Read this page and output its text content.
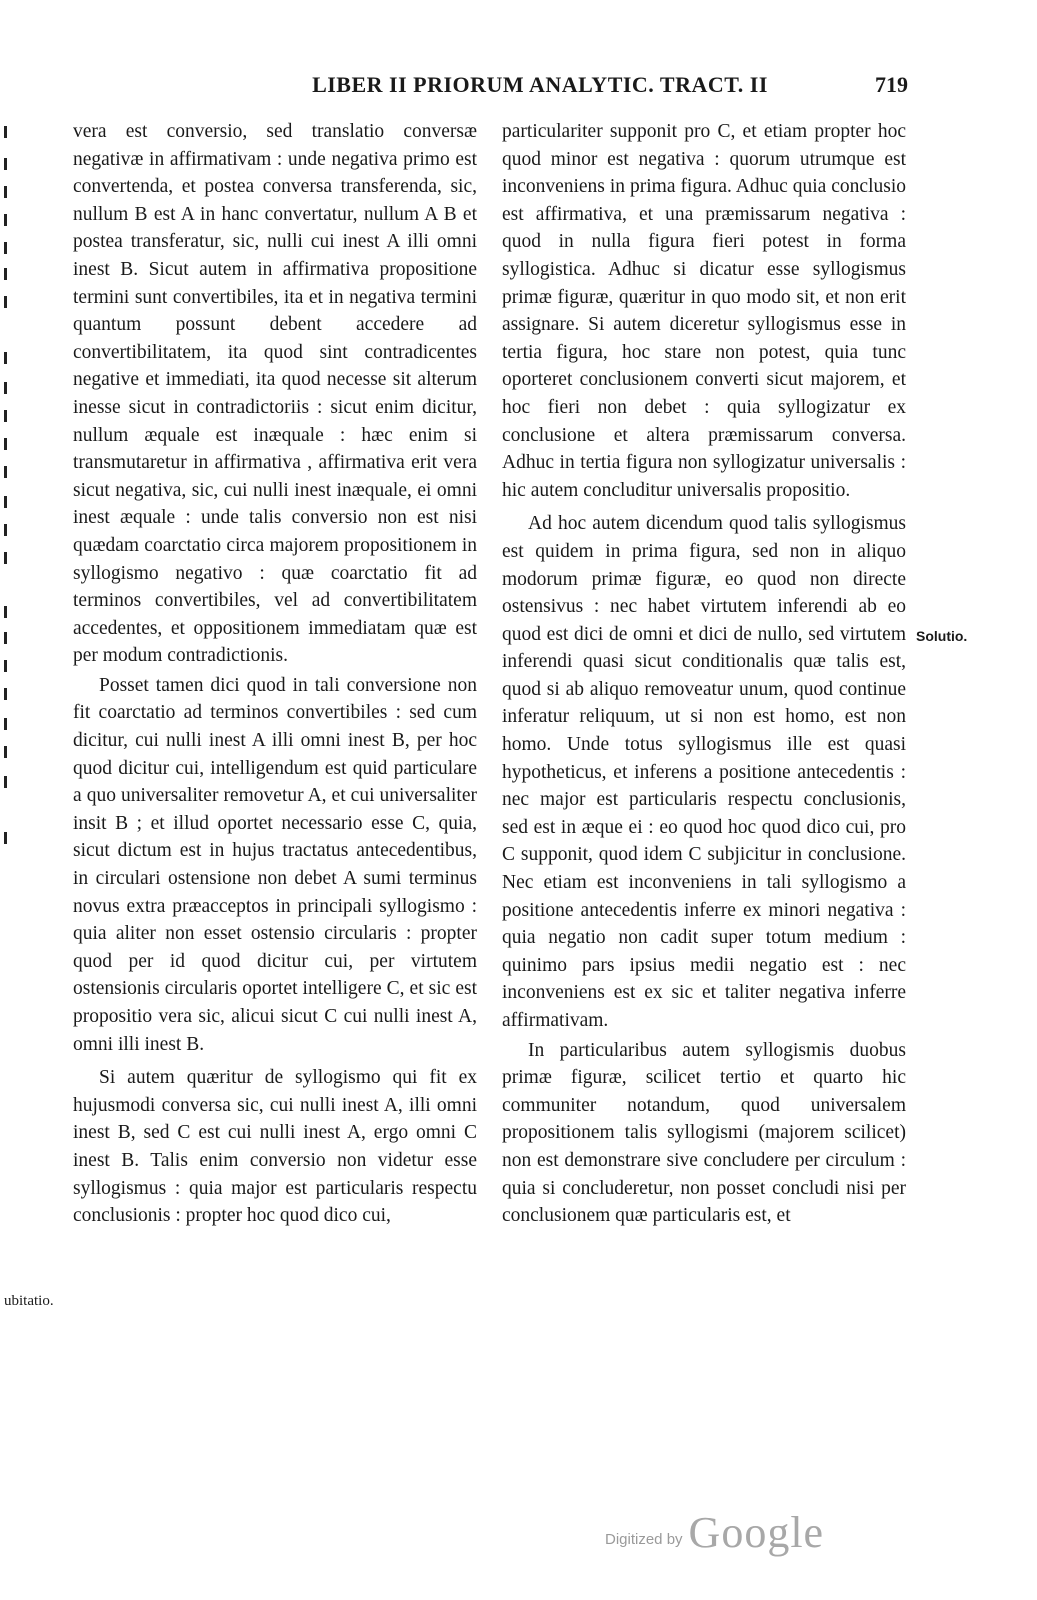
LIBER II PRIORUM ANALYTIC. TRACT. II	719

vera est conversio, sed translatio conversæ negativæ in affirmativam : unde negativa primo est convertenda, et postea conversa transferenda, sic, nullum B est A in hanc convertatur, nullum A B et postea transferatur, sic, nulli cui inest A illi omni inest B. Sicut autem in affirmativa propositione termini sunt convertibiles, ita et in negativa termini quantum possunt debent accedere ad convertibilitatem, ita quod sint contradicentes negative et immediati, ita quod necesse sit alterum inesse sicut in contradictoriis : sicut enim dicitur, nullum æquale est inæquale : hæc enim si transmutaretur in affirmativa , affirmativa erit vera sicut negativa, sic, cui nulli inest inæquale, ei omni inest æquale : unde talis conversio non est nisi quædam coarctatio circa majorem propositionem in syllogismo negativo : quæ coarctatio fit ad terminos convertibiles, vel ad convertibilitatem accedentes, et oppositionem immediatam quæ est per modum contradictionis.

Posset tamen dici quod in tali conversione non fit coarctatio ad terminos convertibiles : sed cum dicitur, cui nulli inest A illi omni inest B, per hoc quod dicitur cui, intelligendum est quid particulare a quo universaliter removetur A, et cui universaliter insit B ; et illud oportet necessario esse C, quia, sicut dictum est in hujus tractatus antecedentibus, in circulari ostensione non debet A sumi terminus novus extra præacceptos in principali syllogismo : quia aliter non esset ostensio circularis : propter quod per id quod dicitur cui, per virtutem ostensionis circularis oportet intelligere C, et sic est propositio vera sic, alicui sicut C cui nulli inest A, omni illi inest B.

Si autem quæritur de syllogismo qui fit ex hujusmodi conversa sic, cui nulli inest A, illi omni inest B, sed C est cui nulli inest A, ergo omni C inest B. Talis enim conversio non videtur esse syllogismus : quia major est particularis respectu conclusionis : propter hoc quod dico cui,

particulariter supponit pro C, et etiam propter hoc quod minor est negativa : quorum utrumque est inconveniens in prima figura. Adhuc quia conclusio est affirmativa, et una præmissarum negativa : quod in nulla figura fieri potest in forma syllogistica. Adhuc si dicatur esse syllogismus primæ figuræ, quæritur in quo modo sit, et non erit assignare. Si autem diceretur syllogismus esse in tertia figura, hoc stare non potest, quia tunc oporteret conclusionem converti sicut majorem, et hoc fieri non debet : quia syllogizatur ex conclusione et altera præmissarum conversa. Adhuc in tertia figura non syllogizatur universalis : hic autem concluditur universalis propositio.

Ad hoc autem dicendum quod talis syllogismus est quidem in prima figura, sed non in aliquo modorum primæ figuræ, eo quod non directe ostensivus : nec habet virtutem inferendi ab eo quod est dici de omni et dici de nullo, sed virtutem inferendi quasi sicut conditionalis quæ talis est, quod si ab aliquo removeatur unum, quod continue inferatur reliquum, ut si non est homo, est non homo. Unde totus syllogismus ille est quasi hypotheticus, et inferens a positione antecedentis : nec major est particularis respectu conclusionis, sed est in æque ei : eo quod hoc quod dico cui, pro C supponit, quod idem C subjicitur in conclusione. Nec etiam est inconveniens in tali syllogismo a positione antecedentis inferre ex minori negativa : quia negatio non cadit super totum medium : quinimo pars ipsius medii negatio est : nec inconveniens est ex sic et taliter negativa inferre affirmativam.

In particularibus autem syllogismis duobus primæ figuræ, scilicet tertio et quarto hic communiter notandum, quod universalem propositionem talis syllogismi (majorem scilicet) non est demonstrare sive concludere per circulum : quia si concluderetur, non posset concludi nisi per conclusionem quæ particularis est, et

Solutio.
ubitatio.
Digitized by Google
